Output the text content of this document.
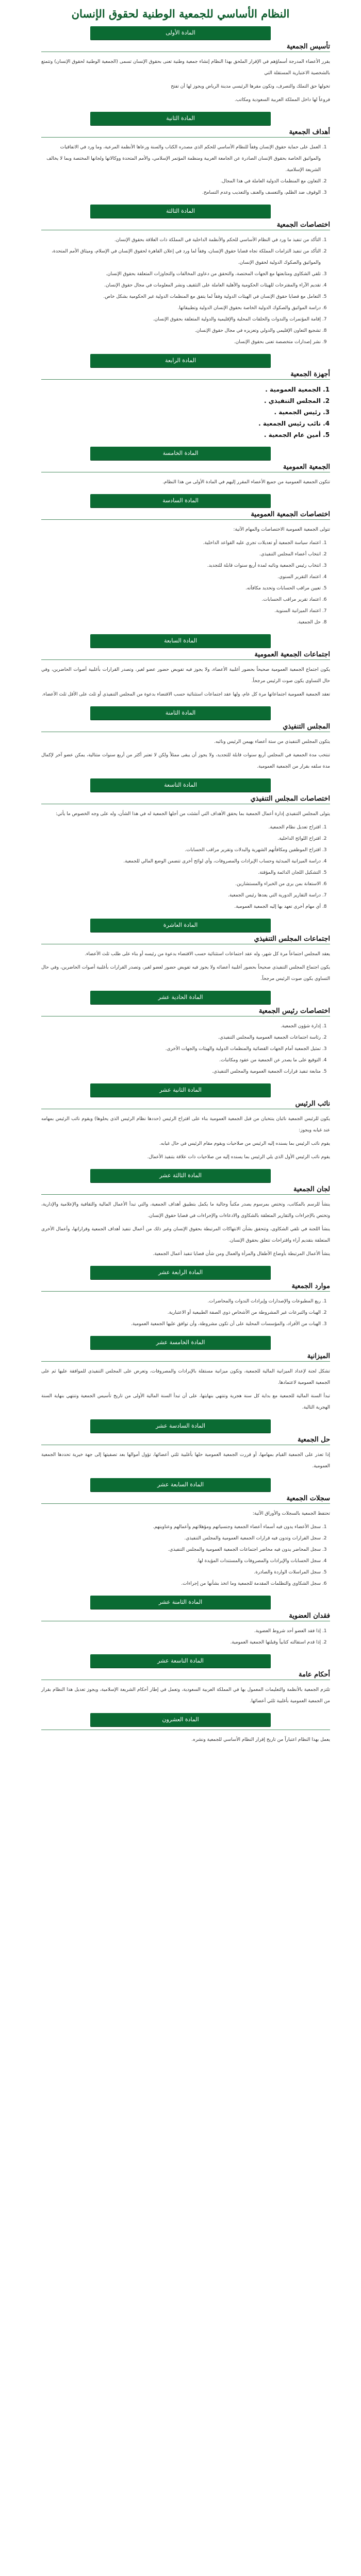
النظام الأساسي للجمعية الوطنية لحقوق الإنسان
المادة الأولى
تأسيس الجمعية

يقرر الأعضاء المدرجة أسماؤهم في الإقرار الملحق بهذا النظام إنشاء جمعية وطنية تعنى بحقوق الإنسان تسمى (الجمعية الوطنية لحقوق الإنسان) وتتمتع بالشخصية الاعتبارية المستقلة التي

تخولها حق التملك والتصرف، وتكون مقرها الرئيسي مدينة الرياض ويجوز لها أن تفتح

فروعاً لها داخل المملكة العربية السعودية ومكاتب.

المادة الثانية
أهداف الجمعية
1. العمل على حماية حقوق الإنسان وفقاً للنظام الأساسي للحكم الذي مصدره الكتاب والسنة ورعاها الأنظمة المرعية، وما ورد في الاتفاقيات والمواثيق الخاصة بحقوق الإنسان الصادرة عن الجامعة العربية ومنظمة المؤتمر الإسلامي، والأمم المتحدة ووكالاتها ولجانها المختصة وبما لا يخالف الشريعة الإسلامية.
2. التعاون مع المنظمات الدولية العاملة في هذا المجال.
3. الوقوف ضد الظلم، والتعسف والعنف والتعذيب وعدم التسامح.
المادة الثالثة
اختصاصات الجمعية
1. التأكد من تنفيذ ما ورد في النظام الأساسي للحكم والأنظمة الداخلية في المملكة ذات العلاقة بحقوق الإنسان.
2. التأكد من تنفيذ التزامات المملكة تجاه قضايا حقوق الإنسان، وفقاً لما ورد في إعلان القاهرة لحقوق الإنسان في الإسلام، وميثاق الأمم المتحدة، والمواثيق والصكوك الدولية لحقوق الإنسان.
3. تلقي الشكاوى ومتابعتها مع الجهات المختصة، والتحقق من دعاوى المخالفات والتجاوزات المتعلقة بحقوق الإنسان.
4. تقديم الآراء والمقترحات للهيئات الحكومية والأهلية العاملة على التثقيف ونشر المعلومات في مجال حقوق الإنسان.
5. التعامل مع قضايا حقوق الإنسان في الهيئات الدولية وفقاً لما يتفق مع المنظمات الدولية غير الحكومية بشكل خاص.
6. دراسة المواثيق والصكوك الدولية الخاصة بحقوق الإنسان الدولية وتطبيقاتها.
7. إقامة المؤتمرات والندوات والحلقات المحلية والإقليمية والدولية المتعلقة بحقوق الإنسان.
8. تشجيع التعاون الإقليمي والدولي وتعزيزه في مجال حقوق الإنسان.
9. نشر إصدارات متخصصة تعنى بحقوق الإنسان.
المادة الرابعة
أجهزة الجمعية
1. الجمعية العمومية .
2. المجلس التنفيذي .
3. رئيس الجمعية .
4. نائب رئيس الجمعية .
5. أمين عام الجمعية .
المادة الخامسة
الجمعية العمومية

تتكون الجمعية العمومية من جميع الأعضاء المقرر إليهم في المادة الأولى من هذا النظام.

المادة السادسة
اختصاصات الجمعية العمومية

تتولى الجمعية العمومية الاختصاصات والمهام الآتية:

1. اعتماد سياسة الجمعية أو تعديلات تجري عليه القواعد الداخلية.
2. انتخاب أعضاء المجلس التنفيذي.
3. انتخاب رئيس الجمعية ونائبه لمدة أربع سنوات قابلة للتجديد.
4. اعتماد التقرير السنوي.
5. تعيين مراقب الحسابات وتحديد مكافآته.
6. اعتماد تقرير مراقب الحسابات.
7. اعتماد الميزانية السنوية.
8. حل الجمعية.
المادة السابعة
اجتماعات الجمعية العمومية

يكون اجتماع الجمعية العمومية صحيحاً بحضور أغلبية الأعضاء، ولا يجوز فيه تفويض حضور عضو لغير، وتصدر القرارات بأغلبية أصوات الحاضرين، وفي حال التساوي يكون صوت الرئيس مرجحاً.

تعقد الجمعية العمومية اجتماعاتها مرة كل عام، ولها عقد اجتماعات استثنائية حسب الاقتضاء بدعوة من المجلس التنفيذي أو ثلث على الأقل ثلث الأعضاء.

المادة الثامنة
المجلس التنفيذي

يتكون المجلس التنفيذي من ستة أعضاء يهيمن الرئيس ونائبه.

تنتخب مدة الجمعية في المجلس أربع سنوات قابلة للتجديد، ولا يجوز أن يبقى ممثلاً ولكن لا تعتبر أكثر من أربع سنوات متتالية، يمكن عضو آخر لإكمال مدة سلفه بقرار من الجمعية العمومية.

المادة التاسعة
اختصاصات المجلس التنفيذي

يتولى المجلس التنفيذي إدارة أعمال الجمعية بما يحقق الأهداف التي أنشئت من أجلها الجمعية له في هذا الشأن، وله على وجه الخصوص ما يأتي:

1. اقتراح تعديل نظام الجمعية.
2. اقتراح اللوائح الداخلية.
3. اقتراح الموظفين ومكافأتهم الشهرية والبدلات وتقرير مراقب الحسابات.
4. دراسة الميزانية المبدئية وحساب الإيرادات والمصروفات، وأي لوائح أخرى تتضمن الوضع المالي للجمعية.
5. التشكيل اللجان الدائمة والمؤقتة.
6. الاستعانة بمن يرى من الخبراء والمستشارين.
7. دراسة التقارير الدورية التي يعدها رئيس الجمعية.
8. أي مهام أخرى تعهد بها إليه الجمعية العمومية.
المادة العاشرة
اجتماعات المجلس التنفيذي

يعقد المجلس اجتماعاً مرة كل شهر، وله عقد اجتماعات استثنائية حسب الاقتضاء بدعوة من رئيسه أو بناء على طلب ثلث الأعضاء.

يكون اجتماع المجلس التنفيذي صحيحاً بحضور أغلبية أعضائه ولا يجوز فيه تفويض حضور لعضو لغير، وتصدر القرارات بأغلبية أصوات الحاضرين، وفي حال التساوي يكون صوت الرئيس مرجحاً.

المادة الحادية عشر
اختصاصات رئيس الجمعية
1. إدارة شؤون الجمعية.
2. رئاسة اجتماعات الجمعية العمومية والمجلس التنفيذي.
3. تمثيل الجمعية أمام الجهات القضائية والمنظمات الدولية والهيئات والجهات الأخرى.
4. التوقيع على ما يصدر عن الجمعية من عقود ومكاتبات.
5. متابعة تنفيذ قرارات الجمعية العمومية والمجلس التنفيذي.
المادة الثانية عشر
نائب الرئيس

يكون للرئيس الجمعية نائبان ينتخبان من قبل الجمعية العمومية بناء على اقتراح الرئيس (حددها نظام الرئيس الذي يحلوها) ويقوم نائب الرئيس بمهامه عند غيابه ويجوز:

يقوم نائب الرئيس بما يسنده إليه الرئيس من صلاحيات ويقوم مقام الرئيس في حال غيابه.

يقوم نائب الرئيس الأول الذي يلي الرئيس بما يسنده إليه من صلاحيات ذات علاقة بتنفيذ الأعمال.

المادة الثالثة عشر
لجان الجمعية

ينشأ للرسم بالمكاتب، وتختص بمرسوم يصدر مكتباً وجالية ما يكمل بتطبيق أهداف الجمعية، والتي تبدأ الأعمال المالية والثقافية والإعلامية والإدارية، وتختص بالإجراءات والتقارير المتعلقة بالشكاوى والادعاءات والإجراءات في قضايا حقوق الإنسان.

ينشأ اللجنة في تلقي الشكاوى، وتتحقق بشأن الانتهاكات المرتبطة بحقوق الإنسان وغير ذلك من أعمال تنفيذ أهداف الجمعية وقراراتها، وأعمال الأخرى المتعلقة بتقديم آراء واقتراحات تتعلق بحقوق الإنسان.

ينشأ الأعمال المرتبطة بأوضاع الأطفال والمرأة والعمال ومن شأن قضايا تنفيذ أعمال الجمعية.

المادة الرابعة عشر
موارد الجمعية
1. ريع المطبوعات والإصدارات وإيرادات الندوات والمحاضرات.
2. الهبات والتبرعات غير المشروطة من الأشخاص ذوي الصفة الطبيعية أو الاعتبارية.
3. الهبات من الأفراد، والمؤسسات المحلية على أن تكون مشروطة، وأن توافق عليها الجمعية العمومية.
المادة الخامسة عشر
الميزانية

تشكل لجنة لإعداد الميزانية المالية للجمعية، وتكون ميزانية مستقلة بالإيرادات والمصروفات، وتعرض على المجلس التنفيذي للموافقة عليها ثم على الجمعية العمومية لاعتمادها.

تبدأ السنة المالية للجمعية مع بداية كل سنة هجرية وتنتهي بنهايتها، على أن تبدأ السنة المالية الأولى من تاريخ تأسيس الجمعية وتنتهي بنهاية السنة الهجرية التالية.

المادة السادسة عشر
حل الجمعية

إذا تعذر على الجمعية القيام بمهامها، أو قررت الجمعية العمومية حلها بأغلبية ثلثي أعضائها، تؤول أموالها بعد تصفيتها إلى جهة خيرية تحددها الجمعية العمومية.

المادة السابعة عشر
سجلات الجمعية

تحتفظ الجمعية بالسجلات والأوراق الآتية:

1. سجل الأعضاء يدون فيه أسماء أعضاء الجمعية وجنسياتهم ومؤهلاتهم وأعمالهم وعناوينهم.
2. سجل القرارات وتدون فيه قرارات الجمعية العمومية والمجلس التنفيذي.
3. سجل المحاضر يدون فيه محاضر اجتماعات الجمعية العمومية والمجلس التنفيذي.
4. سجل الحسابات والإيرادات والمصروفات والمستندات المؤيدة لها.
5. سجل المراسلات الواردة والصادرة.
6. سجل الشكاوى والتظلمات المقدمة للجمعية وما اتخذ بشأنها من إجراءات.
المادة الثامنة عشر
فقدان العضوية
1. إذا فقد العضو أحد شروط العضوية.
2. إذا قدم استقالته كتابياً وقبلتها الجمعية العمومية.
المادة التاسعة عشر
أحكام عامة

تلتزم الجمعية بالأنظمة والتعليمات المعمول بها في المملكة العربية السعودية، وتعمل في إطار أحكام الشريعة الإسلامية، ويجوز تعديل هذا النظام بقرار من الجمعية العمومية بأغلبية ثلثي أعضائها.

المادة العشرون

يعمل بهذا النظام اعتباراً من تاريخ إقرار النظام الأساسي للجمعية ونشره.
